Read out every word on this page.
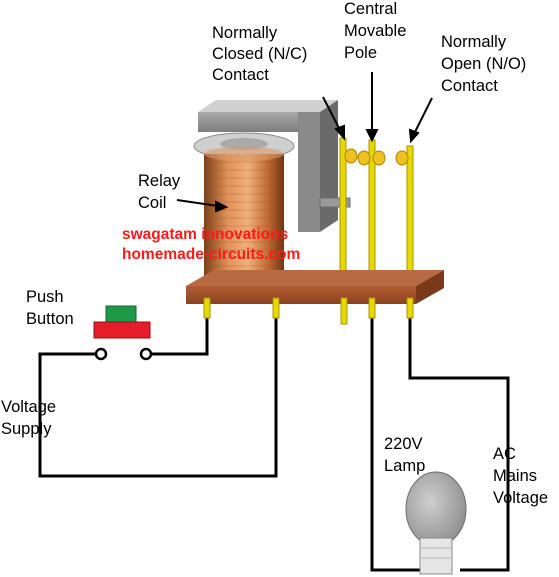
Normally
Closed (N/C)
Contact
Central
Movable
Pole
Normally
Open (N/O)
Contact
Relay
Coil
Push
Button
Voltage
Supply
220V
Lamp
AC
Mains
Voltage
swagatam innovations
homemade-circuits.com
